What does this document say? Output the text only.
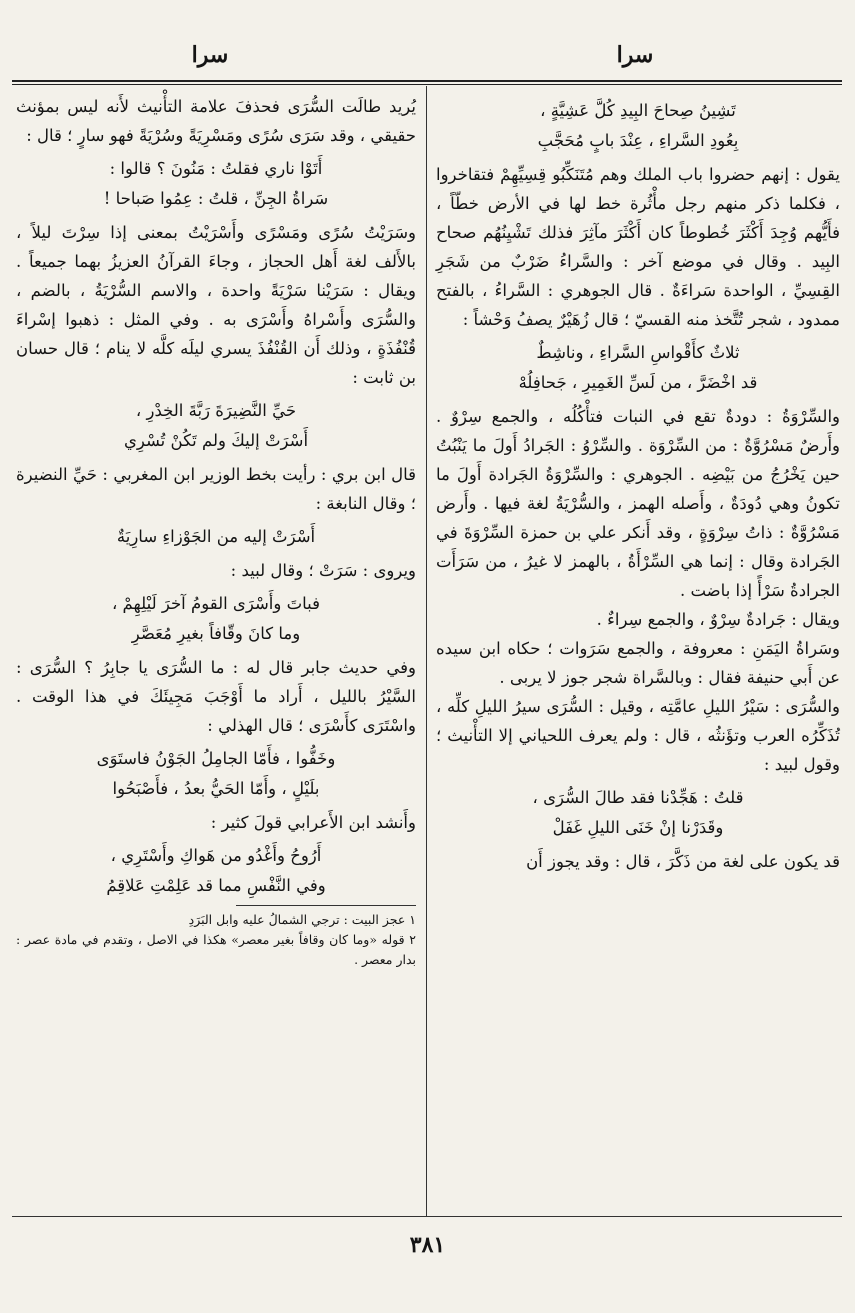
سرا	سرا
تَشِينُ صِحاحَ البِيدِ كُلَّ عَشِيَّةٍ ،
بِعُودِ السَّراءِ ، عِنْدَ بابٍ مُحَجَّبِ

يقول : إنهم حضروا باب الملك وهم مُتَنَكِّبُو قِسِيِّهِمْ فتقاخروا ، فكلما ذكر منهم رجل مأْثُرة خط لها في الأرض خطّاً ، فأَيُّهم وُجِدَ أَكْثَرَ خُطوطاً كان أَكْثَرَ مآثِرَ فذلك تَشْيِنُهُم صحاح البِيد . وقال في موضع آخر : والسَّراءُ ضَرْبٌ من شَجَرِ القِسِيِّ ، الواحدة سَراءَةٌ . قال الجوهري : السَّراءُ ، بالفتح ممدود ، شجر تُتَّخذ منه القسيّ ؛ قال زُهَيْرٌ يصفُ وَحْشاً :

ثلاثٌ كأَقْواسِ السَّراءِ ، وناشِطٌ
قد اخْضَرَّ ، من لَسِّ الغَمِيرِ ، جَحافِلُهْ

والسِّرْوَةُ : دودةٌ تقع في النبات فتأْكُلُه ، والجمع سِرْوٌ . وأَرضٌ مَسْرُوَّةٌ : من السِّرْوَة . والسِّرْوُ : الجَرادُ أَولَ ما يَنْبُتُ حين يَخْرُجُ من بَيْضِه . الجوهري : والسِّرْوَةُ الجَرادة أَولَ ما تكونُ وهي دُودَةٌ ، وأَصله الهمز ، والسُّرْيَةُ لغة فيها . وأَرض مَسْرُوَّةٌ : ذاتُ سِرْوَةٍ ، وقد أَنكر علي بن حمزة السِّرْوَةَ في الجَرادة وقال : إنما هي السِّرْأَةُ ، بالهمز لا غيرُ ، من سَرَأَت الجرادةُ سَرْأً إذا باضت .

ويقال : جَرادةٌ سِرْوٌ ، والجمع سِراءٌ .

وسَراةُ اليَمَنِ : معروفة ، والجمع سَرَوات ؛ حكاه ابن سيده عن أَبي حنيفة فقال : وبالسَّراة شجر جوز لا يربى .

والسُّرَى : سَيْرُ الليلِ عامَّتِه ، وقيل : السُّرَى سيرُ الليلِ كلِّه ، تُذَكِّرُه العرب وتؤَنثُه ، قال : ولم يعرف اللحياني إلا التأْنيث ؛ وقول لبيد :

قلتُ : هَجِّدْنا فقد طالَ السُّرَى ،
وقَدَرْنا إنْ خَنَى الليلِ غَفَلْ

قد يكون على لغة من ذَكَّرَ ، قال : وقد يجوز أَن

يُريد طالَت السُّرَى فحذفَ علامة التأْنيث لأَنه ليس بمؤنث حقيقي ، وقد سَرَى سُرًى ومَسْرِيَةً وسُرْيَةً فهو سارٍ ؛ قال :

أَتَوْا ناري فقلتُ : مَنُونَ ؟ قالوا :
سَراةُ الجِنِّ ، قلتُ : عِمُوا صَباحا !

وسَرَيْتُ سُرًى ومَسْرًى وأَسْرَيْتُ بمعنى إذا سِرْتَ ليلاً ، بالأَلف لغة أَهل الحجاز ، وجاءَ القرآنُ العزيزُ بهما جميعاً . ويقال : سَرَيْنا سَرْيَةً واحدة ، والاسم السُّرْيَةُ ، بالضم ، والسُّرَى وأَسْراهُ وأَسْرَى به . وفي المثل : ذهبوا إسْراءَ قُنْفُذَةٍ ، وذلك أَن القُنْفُذَ يسري ليلَه كلَّه لا ينام ؛ قال حسان بن ثابت :

حَيِّ النَّضِيرَةَ رَبَّةَ الخِدْرِ ،
أَسْرَتْ إليكَ ولم تَكُنْ تُسْرِي

قال ابن بري : رأيت بخط الوزير ابن المغربي : حَيِّ النضيرة ؛ وقال النابغة :

أَسْرَتْ إليه من الجَوْزاءِ سارِيَةٌ

ويروى : سَرَتْ ؛ وقال لبيد :

فباتَ وأَسْرَى القومُ آخرَ لَيْلِهِمْ ،
وما كانَ وقّافاً بغيرِ مُعَصَّرِ

وفي حديث جابر قال له : ما السُّرَى يا جابِرُ ؟ السُّرَى : السَّيْرُ بالليل ، أَراد ما أَوْجَبَ مَجِيئَكَ في هذا الوقت . واسْتَرَى كأَسْرَى ؛ قال الهذلي :

وخَفُّوا ، فأَمّا الجامِلُ الجَوْنُ فاستَوَى
بلَيْلٍ ، وأَمّا الحَيُّ بعدُ ، فأَصْبَحُوا

وأَنشد ابن الأَعرابي قولَ كثير :

أَرُوحُ وأَغْدُو من هَواكِ وأَسْتَرِي ،
وفي النَّفْسِ مما قد عَلِمْتِ عَلاقِمُ
١ عجز البيت : ترجي الشمالُ عليه وابل البَرَدِ
٢ قوله «وما كان وقافاً بغير معصر» هكذا في الاصل ، وتقدم في مادة عصر : بدار معصر .
٣٨١
